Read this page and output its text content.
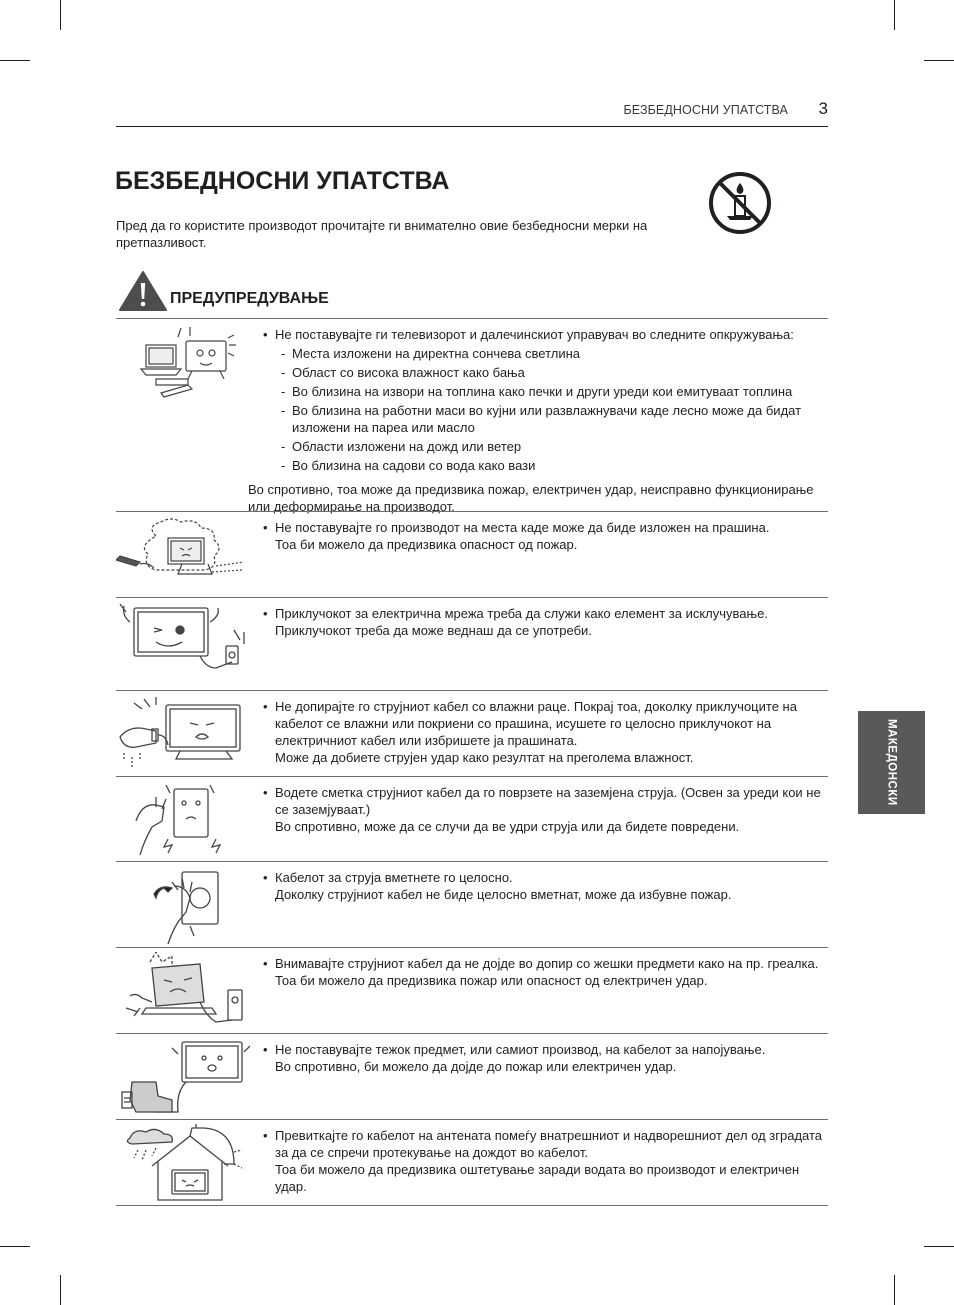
БЕЗБЕДНОСНИ УПАТСТВА 3
БЕЗБЕДНОСНИ УПАТСТВА
Пред да го користите производот прочитајте ги внимателно овие безбедносни мерки на претпазливост.
ПРЕДУПРЕДУВАЊЕ
• Не поставувајте ги телевизорот и далечинскиот управувач во следните опкружувања:
- Места изложени на директна сончева светлина
- Област со висока влажност како бања
- Во близина на извори на топлина како печки и други уреди кои емитуваат топлина
- Во близина на работни маси во кујни или развлажнувачи каде лесно може да бидат изложени на пареа или масло
- Области изложени на дожд или ветер
- Во близина на садови со вода како вази
Во спротивно, тоа може да предизвика пожар, електричен удар, неисправно функционирање или деформирање на производот.
• Не поставувајте го производот на места каде може да биде изложен на прашина.
Тоа би можело да предизвика опасност од пожар.
• Приклучокот за електрична мрежа треба да служи како елемент за исклучување.
Приклучокот треба да може веднаш да се употреби.
• Не допирајте го струјниот кабел со влажни раце. Покрај тоа, доколку приклучоците на кабелот се влажни или покриени со прашина, исушете го целосно приклучокот на електричниот кабел или избришете ја прашината.
Може да добиете струјен удар како резултат на преголема влажност.
• Водете сметка струјниот кабел да го поврзете на заземјена струја. (Освен за уреди кои не се заземјуваат.)
Во спротивно, може да се случи да ве удри струја или да бидете повредени.
• Кабелот за струја вметнете го целосно.
Доколку струјниот кабел не биде целосно вметнат, може да избувне пожар.
• Внимавајте струјниот кабел да не дојде во допир со жешки предмети како на пр. греалка.
Тоа би можело да предизвика пожар или опасност од електричен удар.
• Не поставувајте тежок предмет, или самиот производ, на кабелот за напојување.
Во спротивно, би можело да дојде до пожар или електричен удар.
• Превиткајте го кабелот на антената помеѓу внатрешниот и надворешниот дел од зградата за да се спречи протекување на дождот во кабелот.
Тоа би можело да предизвика оштетување заради водата во производот и електричен удар.
МАКЕДОНСКИ
